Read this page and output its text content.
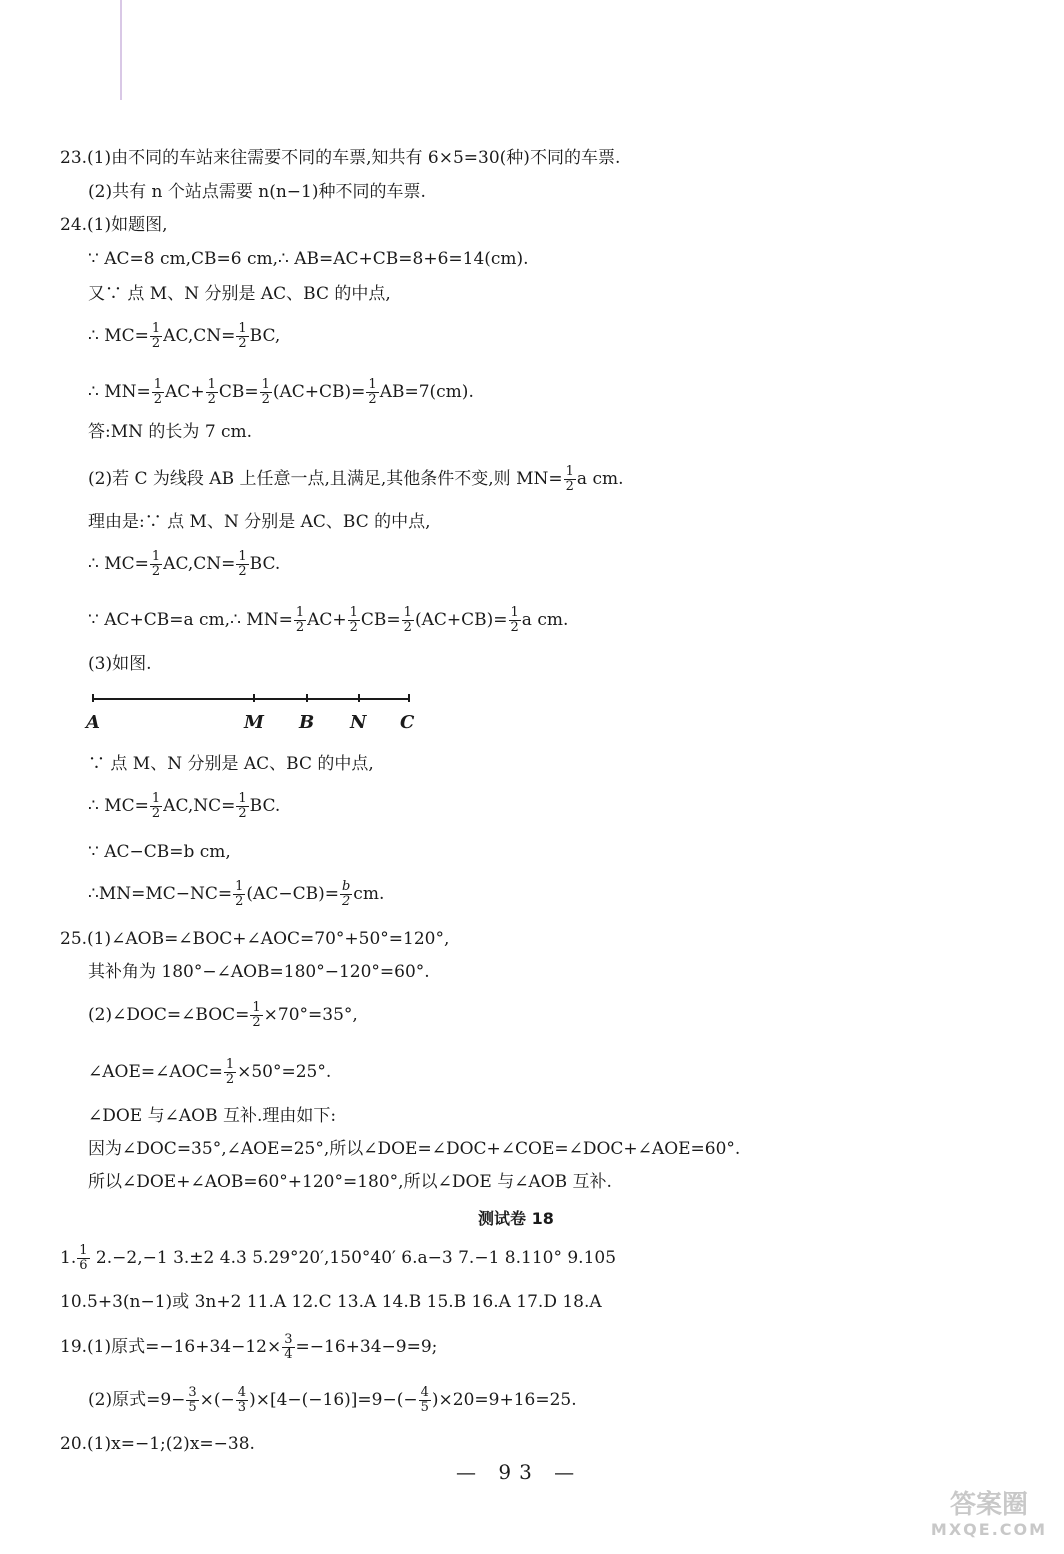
23.(1)由不同的车站来往需要不同的车票,知共有 6×5=30(种)不同的车票.
(2)共有 n 个站点需要 n(n−1)种不同的车票.
24.(1)如题图,
∵ AC=8 cm,CB=6 cm,∴ AB=AC+CB=8+6=14(cm).
又∵ 点 M、N 分别是 AC、BC 的中点,
∴ $MC= \frac{1}{2} AC,CN= \frac{1}{2}$ BC,
∴ $MN= \frac{1}{2} AC+ \frac{1}{2} CB= \frac{1}{2} (AC+CB)= \frac{1}{2} AB=7(cm)$.
答:MN 的长为 7 cm.
(2)若 C 为线段 AB 上任意一点,且满足,其他条件不变,则 $MN= \frac{1}{2}$ a cm.
理由是:∵ 点 M、N 分别是 AC、BC 的中点,
∴ $MC= \frac{1}{2} AC,CN= \frac{1}{2}$ BC.
∵ AC+CB=a cm,∴ $MN= \frac{1}{2} AC+ \frac{1}{2} CB= \frac{1}{2} (AC+CB)= \frac{1}{2}$ a cm.
(3)如图.
A	M B N C
∵ 点 M、N 分别是 AC、BC 的中点,
∴ $MC= \frac{1}{2} AC,NC= \frac{1}{2}$ BC.
∵ AC−CB=b cm,
∴MN=MC−NC= $\frac{1}{2} (AC-CB)= \frac{b}{2}$ cm.
25.(1)∠AOB=∠BOC+∠AOC=70°+50°=120°,
其补角为 180°−∠AOB=180°−120°=60°.
(2)∠DOC=∠BOC= $\frac{1}{2} \times 70^\circ=35^\circ$,
∠AOE=∠AOC= $\frac{1}{2} \times 50^\circ=25^\circ$.
∠DOE 与∠AOB 互补.理由如下:
因为∠DOC=35°,∠AOE=25°,所以∠DOE=∠DOC+∠COE=∠DOC+∠AOE=60°.
所以∠DOE+∠AOB=60°+120°=180°,所以∠DOE 与∠AOB 互补.
测试卷 18
1. $\frac{1}{6} 2.-2,-1$ 3.±2 4.3 5.29°20′,150°40′ 6.a−3 7.−1 8.110° 9.105
10.5+3(n−1)或 3n+2 11.A 12.C 13.A 14.B 15.B 16.A 17.D 18.A
19.(1)原式$=-16+34-12\times \frac{3}{4} =-16+34-9=9$;
(2)原式$=9- \frac{3}{5}$ ×(− $\frac{4}{3} )\times[4-(-16)]=9-(- \frac{4}{5} )\times 20=9+16=25$.
20.(1)x=−1;(2)x=−38.
— 93 —
答案圈
MXQE.COM
